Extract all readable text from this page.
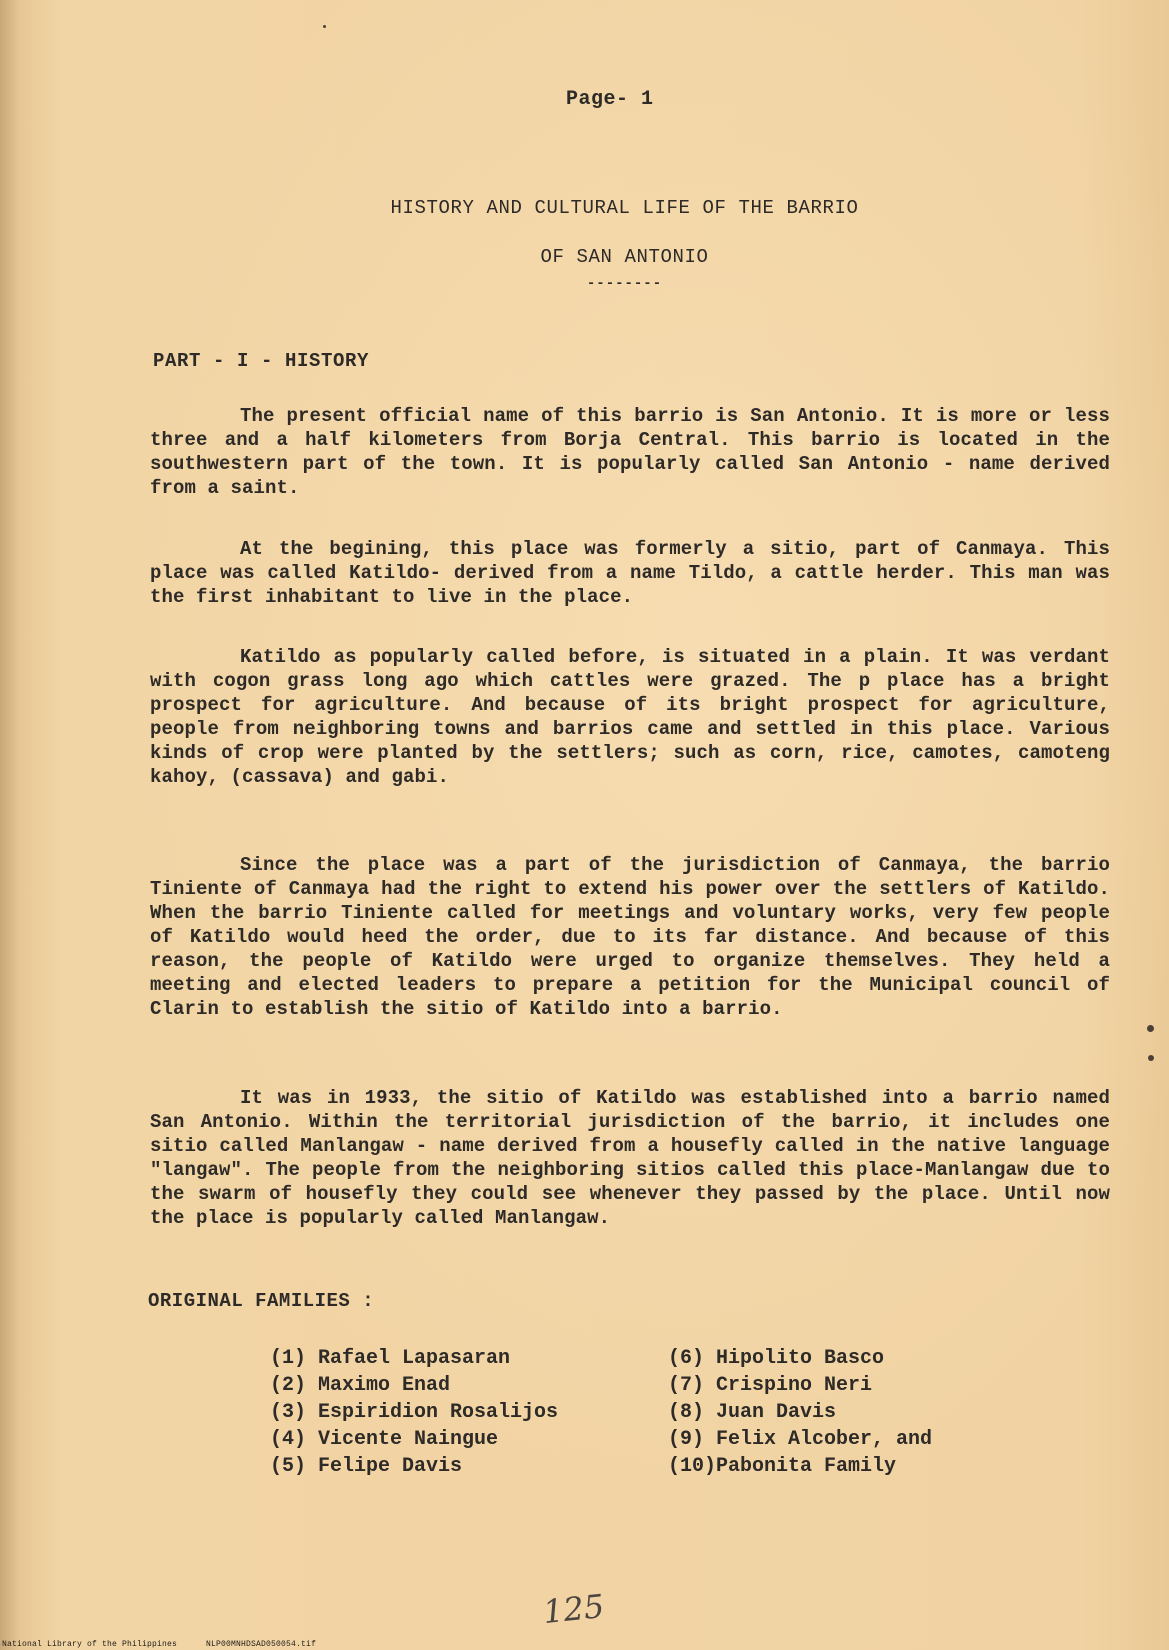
Page- 1
HISTORY AND CULTURAL LIFE OF THE BARRIO
OF SAN ANTONIO
--------
PART - I - HISTORY

The present official name of this barrio is San Antonio. It is more or less three and a half kilometers from Borja Central. This barrio is located in the southwestern part of the town. It is popularly called San Antonio - name derived from a saint.

At the begining, this place was formerly a sitio, part of Canmaya. This place was called Katildo- derived from a name Tildo, a cattle herder. This man was the first inhabitant to live in the place.

Katildo as popularly called before, is situated in a plain. It was verdant with cogon grass long ago which cattles were grazed. The p place has a bright prospect for agriculture. And because of its bright prospect for agriculture, people from neighboring towns and barrios came and settled in this place. Various kinds of crop were planted by the settlers; such as corn, rice, camotes, camoteng kahoy, (cassava) and gabi.

Since the place was a part of the jurisdiction of Canmaya, the barrio Tiniente of Canmaya had the right to extend his power over the settlers of Katildo. When the barrio Tiniente called for meetings and voluntary works, very few people of Katildo would heed the order, due to its far distance. And because of this reason, the people of Katildo were urged to organize themselves. They held a meeting and elected leaders to prepare a petition for the Municipal council of Clarin to establish the sitio of Katildo into a barrio.

It was in 1933, the sitio of Katildo was established into a barrio named San Antonio. Within the territorial jurisdiction of the barrio, it includes one sitio called Manlangaw - name derived from a housefly called in the native language "langaw". The people from the neighboring sitios called this place-Manlangaw due to the swarm of housefly they could see whenever they passed by the place. Until now the place is popularly called Manlangaw.

ORIGINAL FAMILIES :
(1) Rafael Lapasaran
(2) Maximo Enad
(3) Espiridion Rosalijos
(4) Vicente Naingue
(5) Felipe Davis
(6) Hipolito Basco
(7) Crispino Neri
(8) Juan Davis
(9) Felix Alcober, and
(10)Pabonita Family
125
National Library of the Philippines	NLP00MNHDSAD050054.tif
